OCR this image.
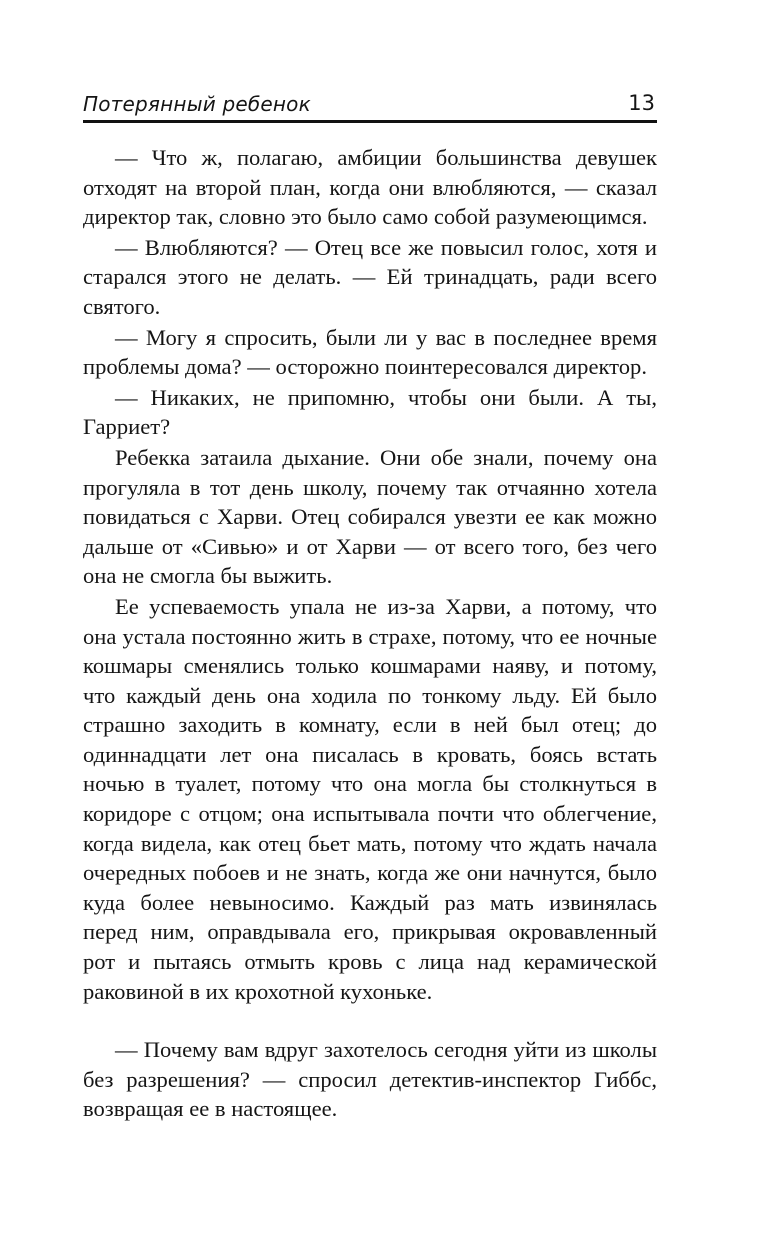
Потерянный ребенок	13

— Что ж, полагаю, амбиции большинства девушек отходят на второй план, когда они влюбляются, — сказал директор так, словно это было само собой разумеющимся.

— Влюбляются? — Отец все же повысил голос, хотя и старался этого не делать. — Ей тринадцать, ради всего святого.

— Могу я спросить, были ли у вас в последнее время проблемы дома? — осторожно поинтересовался директор.

— Никаких, не припомню, чтобы они были. А ты, Гарриет?

Ребекка затаила дыхание. Они обе знали, почему она прогуляла в тот день школу, почему так отчаянно хотела повидаться с Харви. Отец собирался увезти ее как можно дальше от «Сивью» и от Харви — от всего того, без чего она не смогла бы выжить.

Ее успеваемость упала не из-за Харви, а потому, что она устала постоянно жить в страхе, потому, что ее ночные кошмары сменялись только кошмарами наяву, и потому, что каждый день она ходила по тонкому льду. Ей было страшно заходить в комнату, если в ней был отец; до одиннадцати лет она писалась в кровать, боясь встать ночью в туалет, потому что она могла бы столкнуться в коридоре с отцом; она испытывала почти что облегчение, когда видела, как отец бьет мать, потому что ждать начала очередных побоев и не знать, когда же они начнутся, было куда более невыносимо. Каждый раз мать извинялась перед ним, оправдывала его, прикрывая окровавленный рот и пытаясь отмыть кровь с лица над керамической раковиной в их крохотной кухоньке.

— Почему вам вдруг захотелось сегодня уйти из школы без разрешения? — спросил детектив-инспектор Гиббс, возвращая ее в настоящее.
